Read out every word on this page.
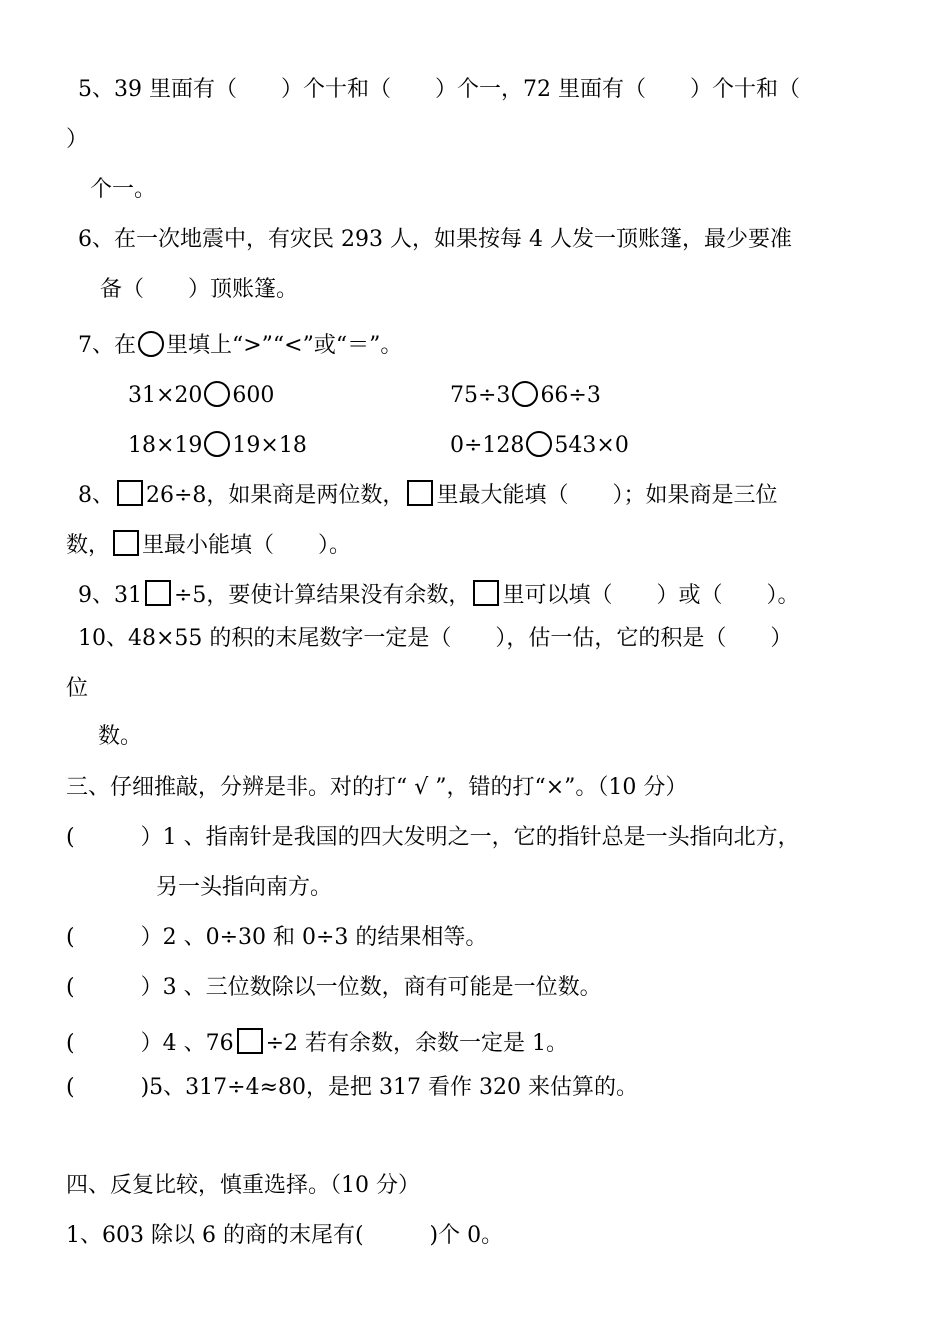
5、39 里面有（　　）个十和（　　）个一，72 里面有（　　）个十和（
）
个一。
6、在一次地震中，有灾民 293 人，如果按每 4 人发一顶账篷，最少要准
备（　　）顶账篷。
7、在 里填上“>”“<”或“＝”。
31×20 600	75÷3 66÷3
18×19 19×18	0÷128 543×0
8、 26÷8，如果商是两位数， 里最大能填（　　）；如果商是三位
数， 里最小能填（　　）。
9、31 ÷5，要使计算结果没有余数， 里可以填（　　）或（　　）。
10、48×55 的积的末尾数字一定是（　　），估一估，它的积是（　　）
位
数。
三、仔细推敲，分辨是非。对的打“ √ ”，错的打“×”。（10 分）
(　　　）1 、指南针是我国的四大发明之一，它的指针总是一头指向北方，
另一头指向南方。
(　　　）2 、0÷30 和 0÷3 的结果相等。
(　　　）3 、三位数除以一位数，商有可能是一位数。
(　　　）4 、76 ÷2 若有余数，余数一定是 1。
(　　　)5、317÷4≈80，是把 317 看作 320 来估算的。
四、反复比较，慎重选择。（10 分）
1、603 除以 6 的商的末尾有(　　　)个 0。
